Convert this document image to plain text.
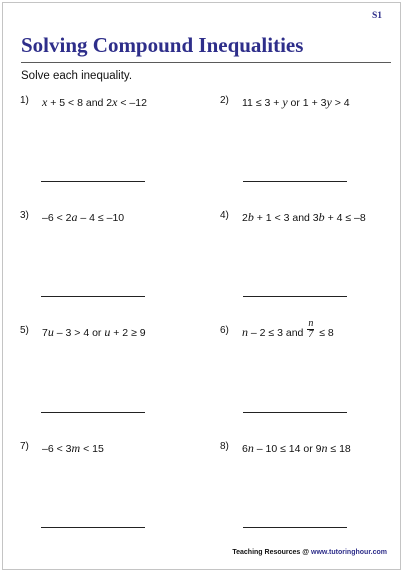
S1
Solving Compound Inequalities
Solve each inequality.
1) x + 5 < 8 and 2x < –12	2) 11 ≤ 3 + y or 1 + 3y > 4
3) –6 < 2a – 4 ≤ –10	4) 2b + 1 < 3 and 3b + 4 ≤ –8
5) 7u – 3 > 4 or u + 2 ≥ 9	6) n – 2 ≤ 3 and $\frac{n}{7} \le 8$
7) –6 < 3m < 15	8) 6n – 10 ≤ 14 or 9n ≤ 18
Teaching Resources @ www.tutoringhour.com
